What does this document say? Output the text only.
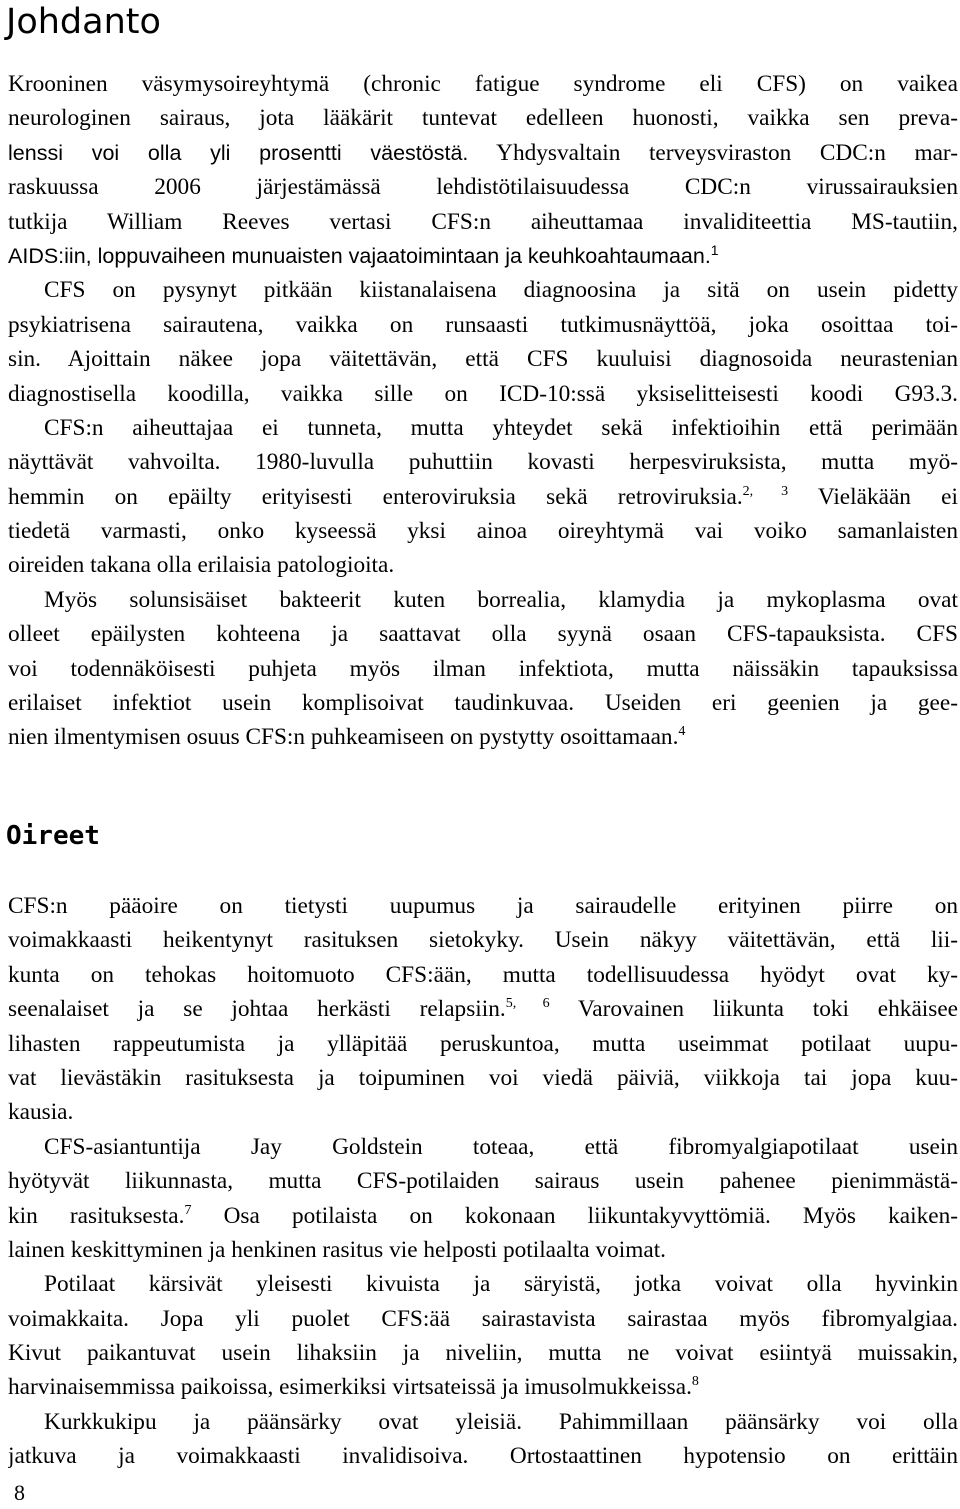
Johdanto
Krooninen väsymysoireyhtymä (chronic fatigue syndrome eli CFS) on vaikea
neurologinen sairaus, jota lääkärit tuntevat edelleen huonosti, vaikka sen preva-
lenssi voi olla yli prosentti väestöstä. Yhdysvaltain terveysviraston CDC:n mar-
raskuussa 2006 järjestämässä lehdistötilaisuudessa CDC:n virussairauksien
tutkija William Reeves vertasi CFS:n aiheuttamaa invaliditeettia MS-tautiin,
AIDS:iin, loppuvaiheen munuaisten vajaatoimintaan ja keuhkoahtaumaan.$^1$
CFS on pysynyt pitkään kiistanalaisena diagnoosina ja sitä on usein pidetty
psykiatrisena sairautena, vaikka on runsaasti tutkimusnäyttöä, joka osoittaa toi-
sin. Ajoittain näkee jopa väitettävän, että CFS kuuluisi diagnosoida neurastenian
diagnostisella koodilla, vaikka sille on ICD-10:ssä yksiselitteisesti koodi G93.3.
CFS:n aiheuttajaa ei tunneta, mutta yhteydet sekä infektioihin että perimään
näyttävät vahvoilta. 1980-luvulla puhuttiin kovasti herpesviruksista, mutta myö-
hemmin on epäilty erityisesti enteroviruksia sekä retroviruksia.$^{2, 3}$ Vieläkään ei
tiedetä varmasti, onko kyseessä yksi ainoa oireyhtymä vai voiko samanlaisten
oireiden takana olla erilaisia patologioita.
Myös solunsisäiset bakteerit kuten borrealia, klamydia ja mykoplasma ovat
olleet epäilysten kohteena ja saattavat olla syynä osaan CFS-tapauksista. CFS
voi todennäköisesti puhjeta myös ilman infektiota, mutta näissäkin tapauksissa
erilaiset infektiot usein komplisoivat taudinkuvaa. Useiden eri geenien ja gee-
nien ilmentymisen osuus CFS:n puhkeamiseen on pystytty osoittamaan.$^4$
Oireet
CFS:n pääoire on tietysti uupumus ja sairaudelle erityinen piirre on
voimakkaasti heikentynyt rasituksen sietokyky. Usein näkyy väitettävän, että lii-
kunta on tehokas hoitomuoto CFS:ään, mutta todellisuudessa hyödyt ovat ky-
seenalaiset ja se johtaa herkästi relapsiin.$^{5, 6}$ Varovainen liikunta toki ehkäisee
lihasten rappeutumista ja ylläpitää peruskuntoa, mutta useimmat potilaat uupu-
vat lievästäkin rasituksesta ja toipuminen voi viedä päiviä, viikkoja tai jopa kuu-
kausia.
CFS-asiantuntija Jay Goldstein toteaa, että fibromyalgiapotilaat usein
hyötyvät liikunnasta, mutta CFS-potilaiden sairaus usein pahenee pienimmästä-
kin rasituksesta.$^7$ Osa potilaista on kokonaan liikuntakyvyttömiä. Myös kaiken-
lainen keskittyminen ja henkinen rasitus vie helposti potilaalta voimat.
Potilaat kärsivät yleisesti kivuista ja säryistä, jotka voivat olla hyvinkin
voimakkaita. Jopa yli puolet CFS:ää sairastavista sairastaa myös fibromyalgiaa.
Kivut paikantuvat usein lihaksiin ja niveliin, mutta ne voivat esiintyä muissakin,
harvinaisemmissa paikoissa, esimerkiksi virtsateissä ja imusolmukkeissa.$^8$
Kurkkukipu ja päänsärky ovat yleisiä. Pahimmillaan päänsärky voi olla
jatkuva ja voimakkaasti invalidisoiva. Ortostaattinen hypotensio on erittäin
8
